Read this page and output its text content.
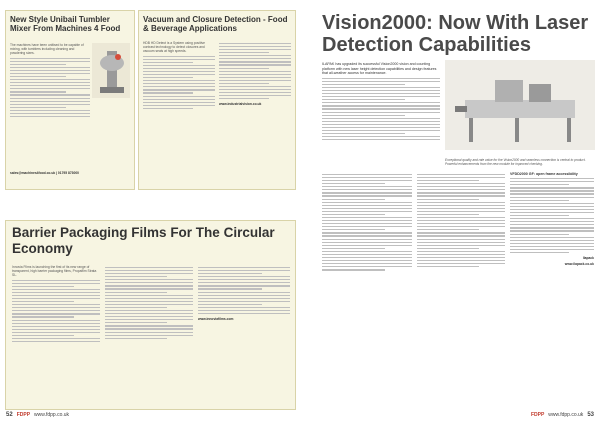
New Style Unibail Tumbler Mixer From Machines 4 Food

The machines have been unitised to be capable of mixing, with tumblers including cleaning and powdering sizes.

sales@machines4food.co.uk | 01795 873000

Vacuum and Closure Detection - Food & Beverage Applications

HDB HD Detect is a System using positive contrast technology to detect closures and vacuum seals at high speeds.

www.industrialvision.co.uk

Barrier Packaging Films For The Circular Economy

Innovia Films is launching the first of its new range of transparent, high barrier packaging films, Propafilm Strata SL.

www.innoviafilms.com

52 FDPP www.fdpp.co.uk
Vision2000: Now With Laser Detection Capabilities

ILAPAK has upgraded its successful Vision2000 vision and counting platform with new laser height detection capabilities and design features that all-weather access for maintenance.

Exceptional quality and rate value for the Vision2000 and seamless connection is central to product. Powerful enhancements from the new module for improved checking.

VFDD2000 GF: open frame accessibility

Ilapack

www.ilapack.co.uk

FDPP www.fdpp.co.uk 53
